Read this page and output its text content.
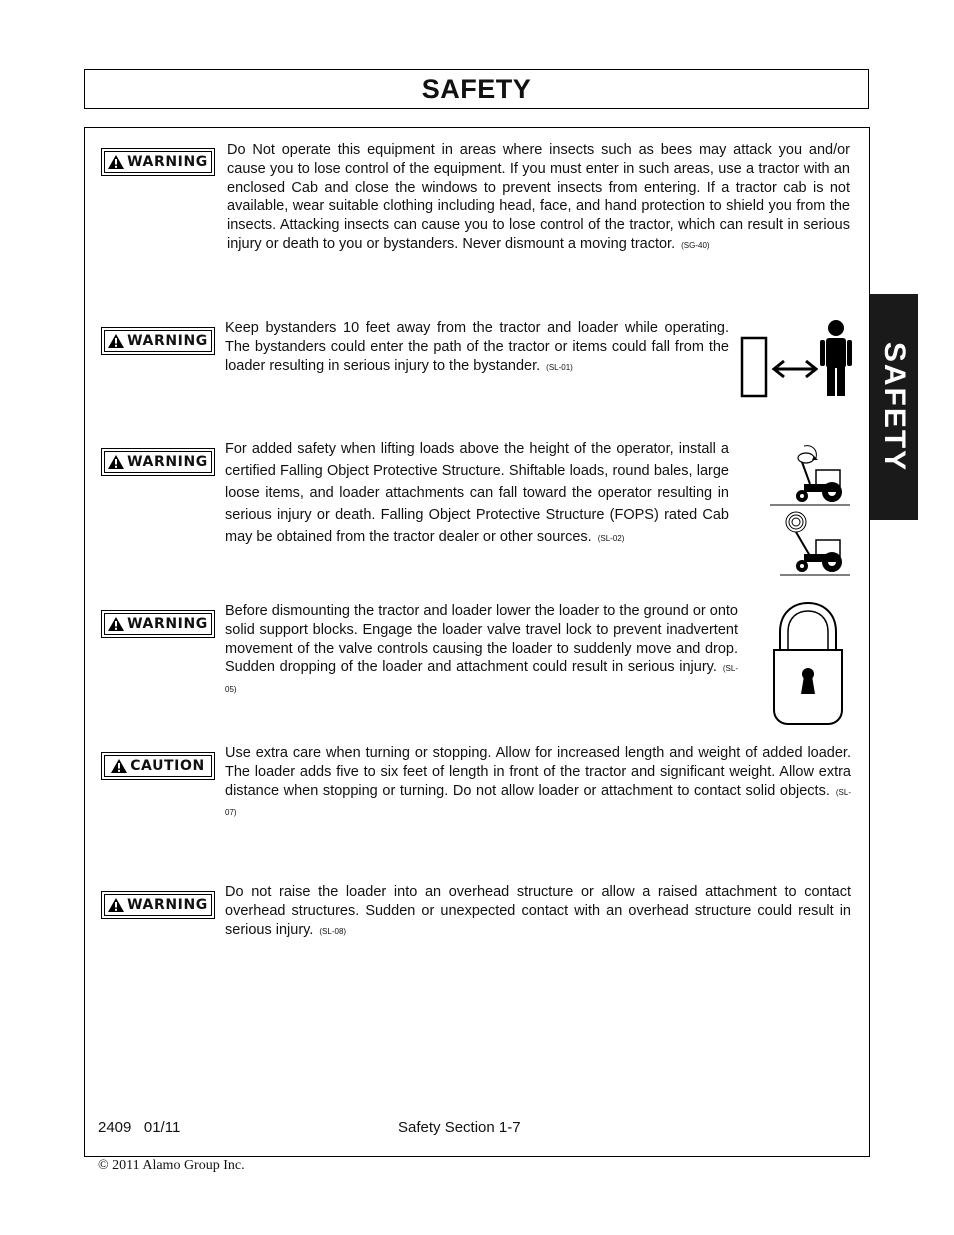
SAFETY
SAFETY
WARNING
Do Not operate this equipment in areas where insects such as bees may attack you and/or cause you to lose control of the equipment. If you must enter in such areas, use a tractor with an enclosed Cab and close the windows to prevent insects from entering. If a tractor cab is not available, wear suitable clothing including head, face, and hand protection to shield you from the insects. Attacking insects can cause you to lose control of the tractor, which can result in serious injury or death to you or bystanders. Never dismount a moving tractor. (SG-40)
WARNING
Keep bystanders 10 feet away from the tractor and loader while operating. The bystanders could enter the path of the tractor or items could fall from the loader resulting in serious injury to the bystander. (SL-01)
WARNING
For added safety when lifting loads above the height of the operator, install a certified Falling Object Protective Structure. Shiftable loads, round bales, large loose items, and loader attachments can fall toward the operator resulting in serious injury or death. Falling Object Protective Structure (FOPS) rated Cab may be obtained from the tractor dealer or other sources. (SL-02)
WARNING
Before dismounting the tractor and loader lower the loader to the ground or onto solid support blocks. Engage the loader valve travel lock to prevent inadvertent movement of the valve controls causing the loader to suddenly move and drop. Sudden dropping of the loader and attachment could result in serious injury. (SL-05)
CAUTION
Use extra care when turning or stopping. Allow for increased length and weight of added loader. The loader adds five to six feet of length in front of the tractor and significant weight. Allow extra distance when stopping or turning. Do not allow loader or attachment to contact solid objects. (SL-07)
WARNING
Do not raise the loader into an overhead structure or allow a raised attachment to contact overhead structures. Sudden or unexpected contact with an overhead structure could result in serious injury. (SL-08)
2409   01/11	Safety Section 1-7
© 2011 Alamo Group Inc.
